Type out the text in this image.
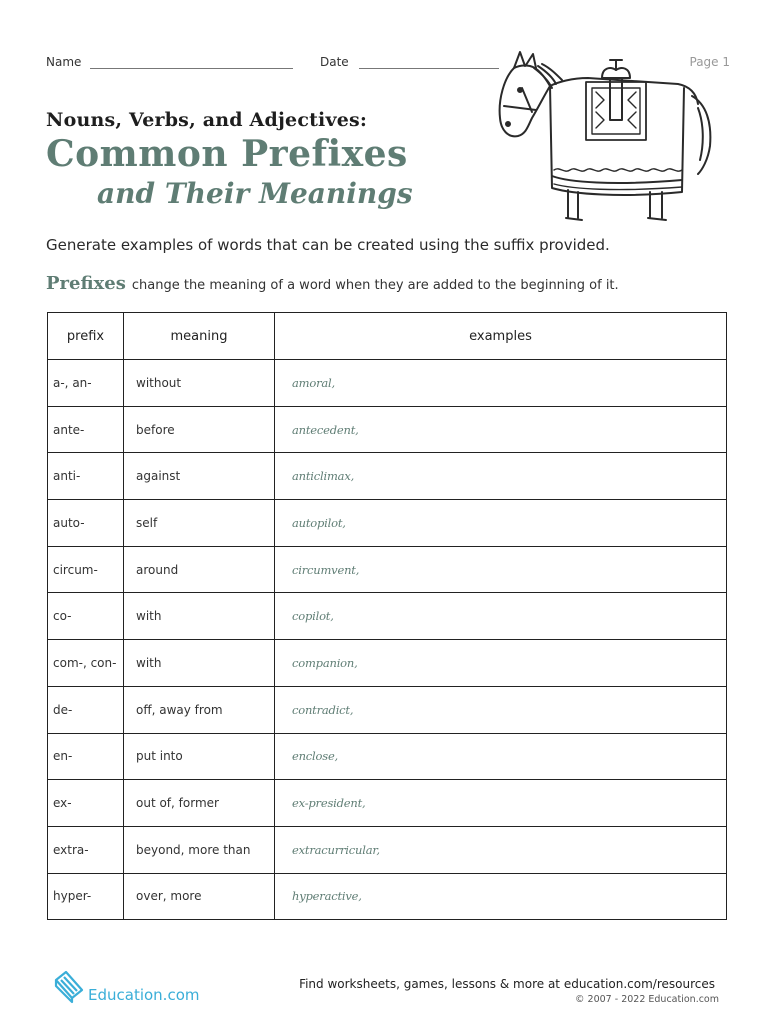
Name	Date	Page 1
Nouns, Verbs, and Adjectives:
Common Prefixes
and Their Meanings
Generate examples of words that can be created using the suffix provided.
Prefixes change the meaning of a word when they are added to the beginning of it.
prefix	meaning	examples
a-, an-	without	amoral,
ante-	before	antecedent,
anti-	against	anticlimax,
auto-	self	autopilot,
circum-	around	circumvent,
co-	with	copilot,
com-, con-	with	companion,
de-	off, away from	contradict,
en-	put into	enclose,
ex-	out of, former	ex-president,
extra-	beyond, more than	extracurricular,
hyper-	over, more	hyperactive,
Education.com
Find worksheets, games, lessons & more at education.com/resources
© 2007 - 2022 Education.com
